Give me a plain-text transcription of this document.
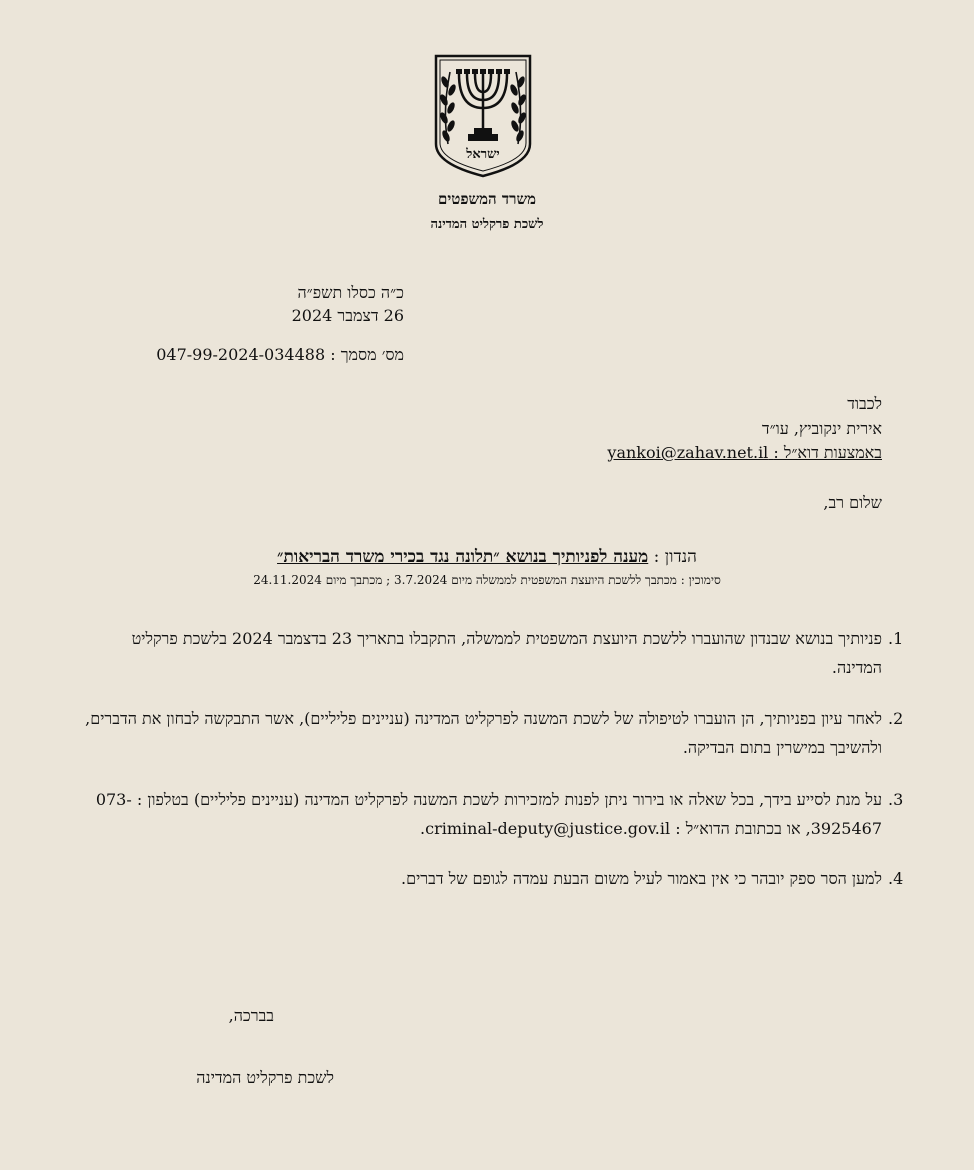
ישראל
משרד המשפטים
לשכת פרקליט המדינה
כ״ה כסלו תשפ״ה
26 דצמבר 2024
מס׳ מסמך : 047-99-2024-034488
לכבוד
אירית ינקוביץ, עו״ד
באמצעות דוא״ל : yankoi@zahav.net.il
שלום רב,
הנדון : מענה לפניותיך בנושא ״תלונה נגד בכירי משרד הבריאות״
סימוכין : מכתבך ללשכת היועצת המשפטית לממשלה מיום 3.7.2024 ; מכתבך מיום 24.11.2024
1.
פניותיך בנושא שבנדון שהועברו ללשכת היועצת המשפטית לממשלה, התקבלו בתאריך 23 בדצמבר 2024 בלשכת פרקליט המדינה.
2.
לאחר עיון בפניותיך, הן הועברו לטיפולה של לשכת המשנה לפרקליט המדינה (עניינים פליליים), אשר התבקשה לבחון את הדברים, ולהשיבך במישרין בתום הבדיקה.
3.
על מנת לסייע בידך, בכל שאלה או בירור ניתן לפנות למזכירות לשכת המשנה לפרקליט המדינה (עניינים פליליים) בטלפון : 073-3925467, או בכתובת הדוא״ל : criminal-deputy@justice.gov.il.
4.
למען הסר ספק יובהר כי אין באמור לעיל משום הבעת עמדה לגופם של דברים.
בברכה,
לשכת פרקליט המדינה
